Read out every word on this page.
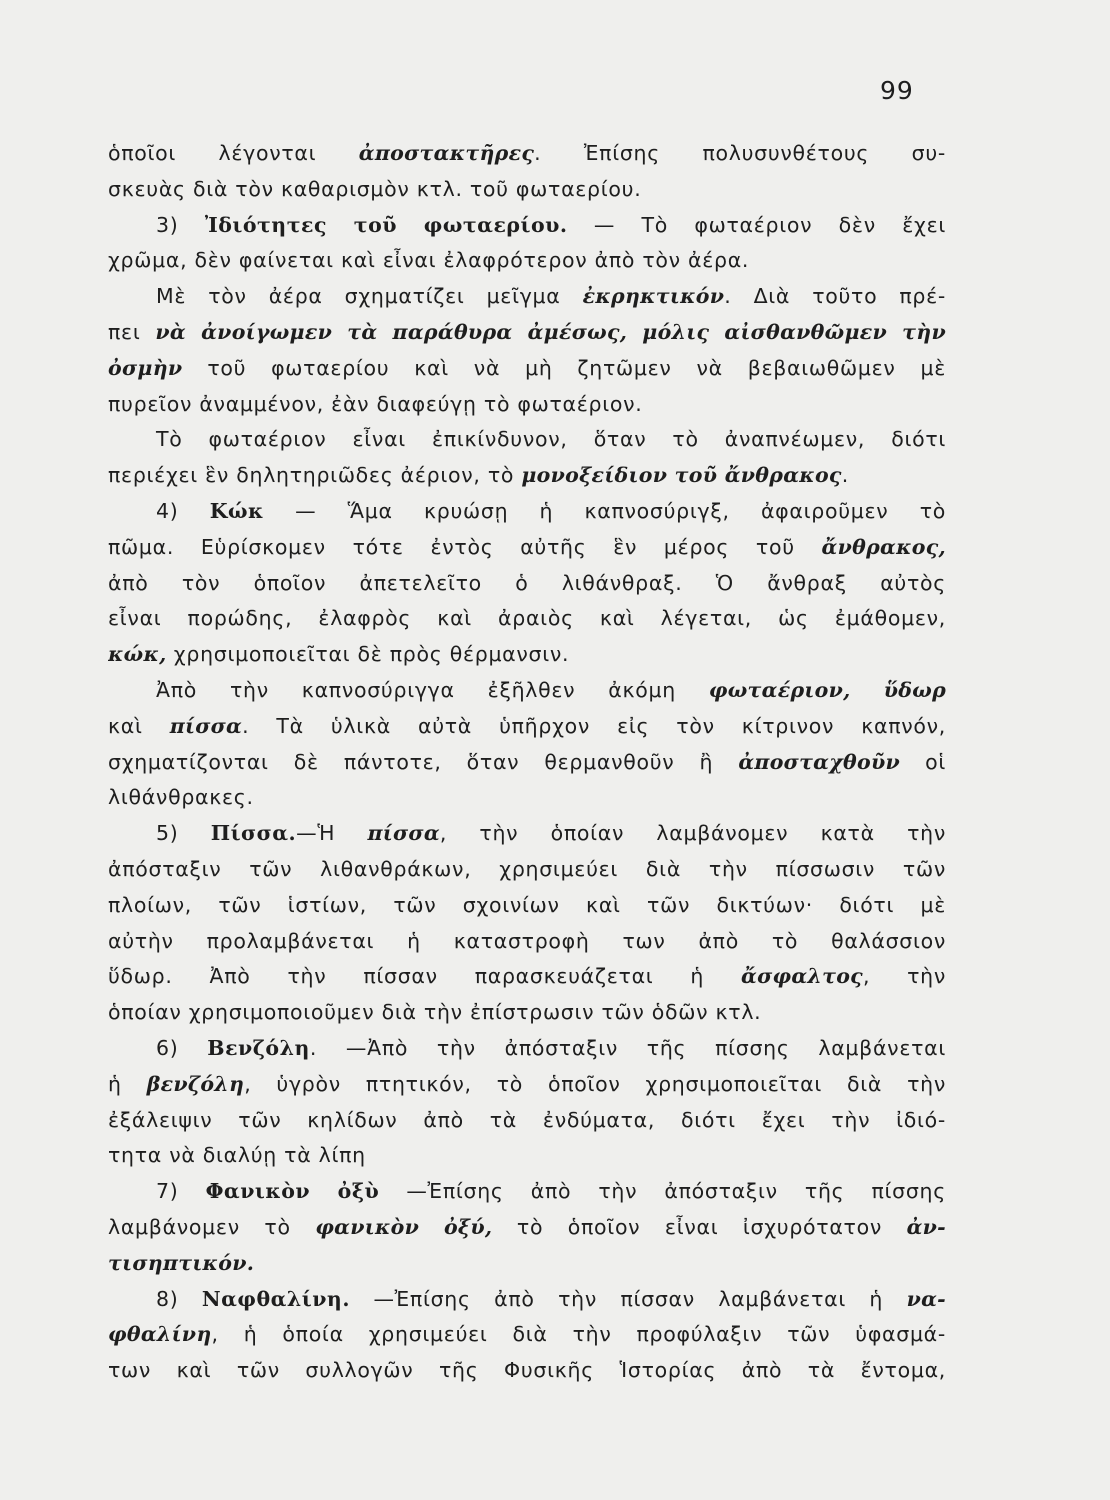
99
ὁποῖοι λέγονται ἀποστακτῆρες. Ἐπίσης πολυσυνθέτους συ-
σκευὰς διὰ τὸν καθαρισμὸν κτλ. τοῦ φωταερίου.
3) Ἰδιότητες τοῦ φωταερίου. — Τὸ φωταέριον δὲν ἔχει
χρῶμα, δὲν φαίνεται καὶ εἶναι ἐλαφρότερον ἀπὸ τὸν ἀέρα.
Μὲ τὸν ἀέρα σχηματίζει μεῖγμα ἐκρηκτικόν. Διὰ τοῦτο πρέ-
πει νὰ ἀνοίγωμεν τὰ παράθυρα ἀμέσως, μόλις αἰσθανθῶμεν τὴν
ὀσμὴν τοῦ φωταερίου καὶ νὰ μὴ ζητῶμεν νὰ βεβαιωθῶμεν μὲ
πυρεῖον ἀναμμένον, ἐὰν διαφεύγῃ τὸ φωταέριον.
Τὸ φωταέριον εἶναι ἐπικίνδυνον, ὅταν τὸ ἀναπνέωμεν, διότι
περιέχει ἓν δηλητηριῶδες ἀέριον, τὸ μονοξείδιον τοῦ ἄνθρακος.
4) Κώκ — Ἅμα κρυώσῃ ἡ καπνοσύριγξ, ἀφαιροῦμεν τὸ
πῶμα. Εὑρίσκομεν τότε ἐντὸς αὐτῆς ἓν μέρος τοῦ ἄνθρακος,
ἀπὸ τὸν ὁποῖον ἀπετελεῖτο ὁ λιθάνθραξ. Ὁ ἄνθραξ αὐτὸς
εἶναι πορώδης, ἐλαφρὸς καὶ ἀραιὸς καὶ λέγεται, ὡς ἐμάθομεν,
κώκ, χρησιμοποιεῖται δὲ πρὸς θέρμανσιν.
Ἀπὸ τὴν καπνοσύριγγα ἐξῆλθεν ἀκόμη φωταέριον, ὕδωρ
καὶ πίσσα. Τὰ ὑλικὰ αὐτὰ ὑπῆρχον εἰς τὸν κίτρινον καπνόν,
σχηματίζονται δὲ πάντοτε, ὅταν θερμανθοῦν ἢ ἀποσταχθοῦν οἱ
λιθάνθρακες.
5) Πίσσα.—Ἡ πίσσα, τὴν ὁποίαν λαμβάνομεν κατὰ τὴν
ἀπόσταξιν τῶν λιθανθράκων, χρησιμεύει διὰ τὴν πίσσωσιν τῶν
πλοίων, τῶν ἱστίων, τῶν σχοινίων καὶ τῶν δικτύων· διότι μὲ
αὐτὴν προλαμβάνεται ἡ καταστροφὴ των ἀπὸ τὸ θαλάσσιον
ὕδωρ. Ἀπὸ τὴν πίσσαν παρασκευάζεται ἡ ἄσφαλτος, τὴν
ὁποίαν χρησιμοποιοῦμεν διὰ τὴν ἐπίστρωσιν τῶν ὁδῶν κτλ.
6) Βενζόλη. —Ἀπὸ τὴν ἀπόσταξιν τῆς πίσσης λαμβάνεται
ἡ βενζόλη, ὑγρὸν πτητικόν, τὸ ὁποῖον χρησιμοποιεῖται διὰ τὴν
ἐξάλειψιν τῶν κηλίδων ἀπὸ τὰ ἐνδύματα, διότι ἔχει τὴν ἰδιό-
τητα νὰ διαλύῃ τὰ λίπη
7) Φανικὸν ὀξὺ —Ἐπίσης ἀπὸ τὴν ἀπόσταξιν τῆς πίσσης
λαμβάνομεν τὸ φανικὸν ὀξύ, τὸ ὁποῖον εἶναι ἰσχυρότατον ἀν-
τισηπτικόν.
8) Ναφθαλίνη. —Ἐπίσης ἀπὸ τὴν πίσσαν λαμβάνεται ἡ να-
φθαλίνη, ἡ ὁποία χρησιμεύει διὰ τὴν προφύλαξιν τῶν ὑφασμά-
των καὶ τῶν συλλογῶν τῆς Φυσικῆς Ἱστορίας ἀπὸ τὰ ἔντομα,
